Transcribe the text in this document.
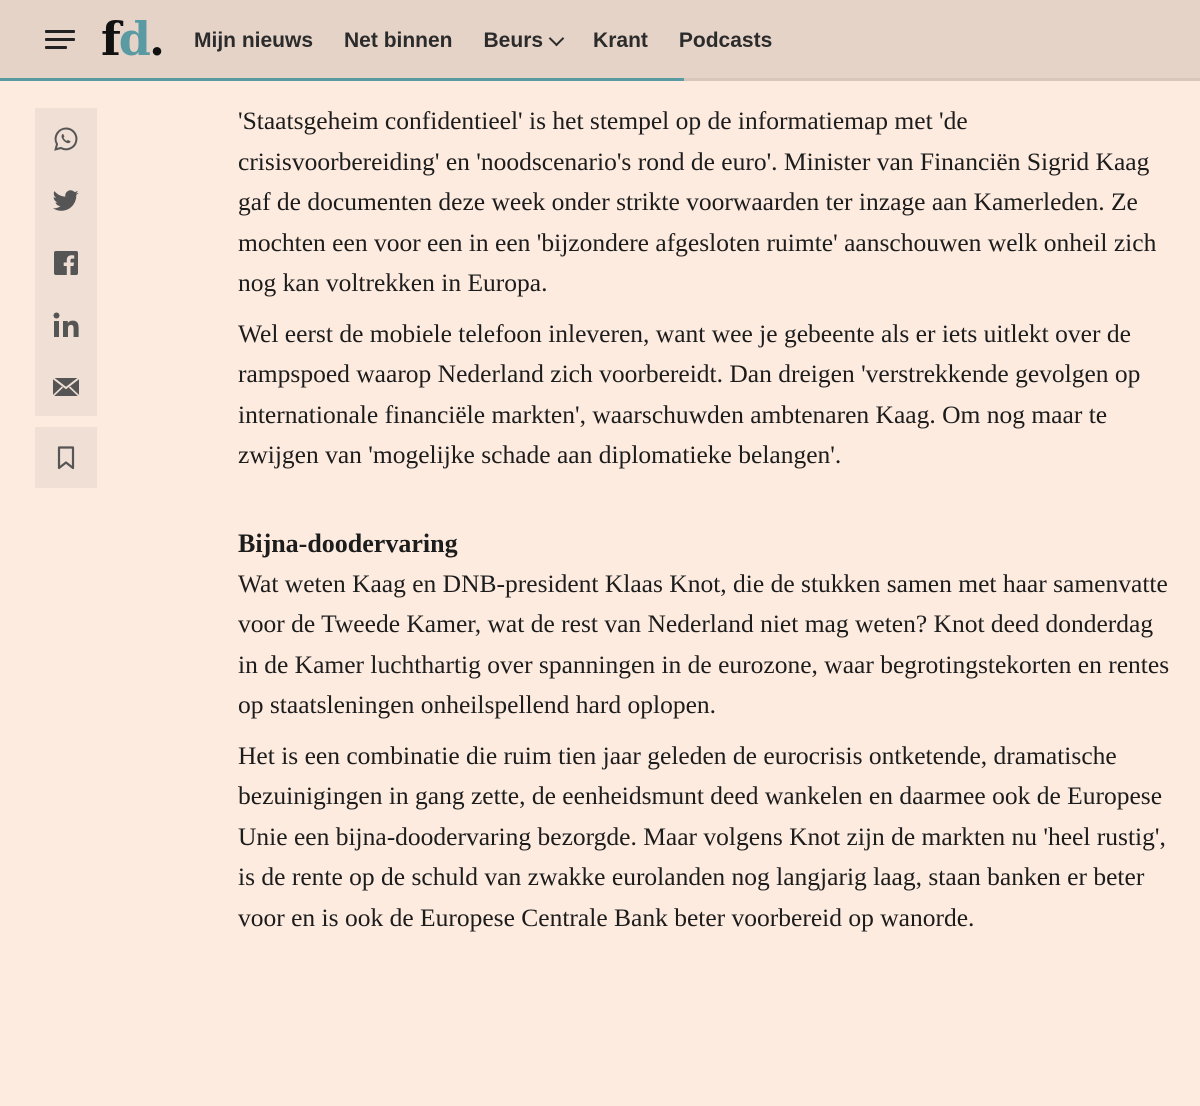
fd. Mijn nieuws Net binnen Beurs Krant Podcasts

'Staatsgeheim confidentieel' is het stempel op de informatiemap met 'de crisisvoorbereiding' en 'noodscenario's rond de euro'. Minister van Financiën Sigrid Kaag gaf de documenten deze week onder strikte voorwaarden ter inzage aan Kamerleden. Ze mochten een voor een in een 'bijzondere afgesloten ruimte' aanschouwen welk onheil zich nog kan voltrekken in Europa.

Wel eerst de mobiele telefoon inleveren, want wee je gebeente als er iets uitlekt over de rampspoed waarop Nederland zich voorbereidt. Dan dreigen 'verstrekkende gevolgen op internationale financiële markten', waarschuwden ambtenaren Kaag. Om nog maar te zwijgen van 'mogelijke schade aan diplomatieke belangen'.

Bijna-doodervaring

Wat weten Kaag en DNB-president Klaas Knot, die de stukken samen met haar samenvatte voor de Tweede Kamer, wat de rest van Nederland niet mag weten? Knot deed donderdag in de Kamer luchthartig over spanningen in de eurozone, waar begrotingstekorten en rentes op staatsleningen onheilspellend hard oplopen.

Het is een combinatie die ruim tien jaar geleden de eurocrisis ontketende, dramatische bezuinigingen in gang zette, de eenheidsmunt deed wankelen en daarmee ook de Europese Unie een bijna-doodervaring bezorgde. Maar volgens Knot zijn de markten nu 'heel rustig', is de rente op de schuld van zwakke eurolanden nog langjarig laag, staan banken er beter voor en is ook de Europese Centrale Bank beter voorbereid op wanorde.
